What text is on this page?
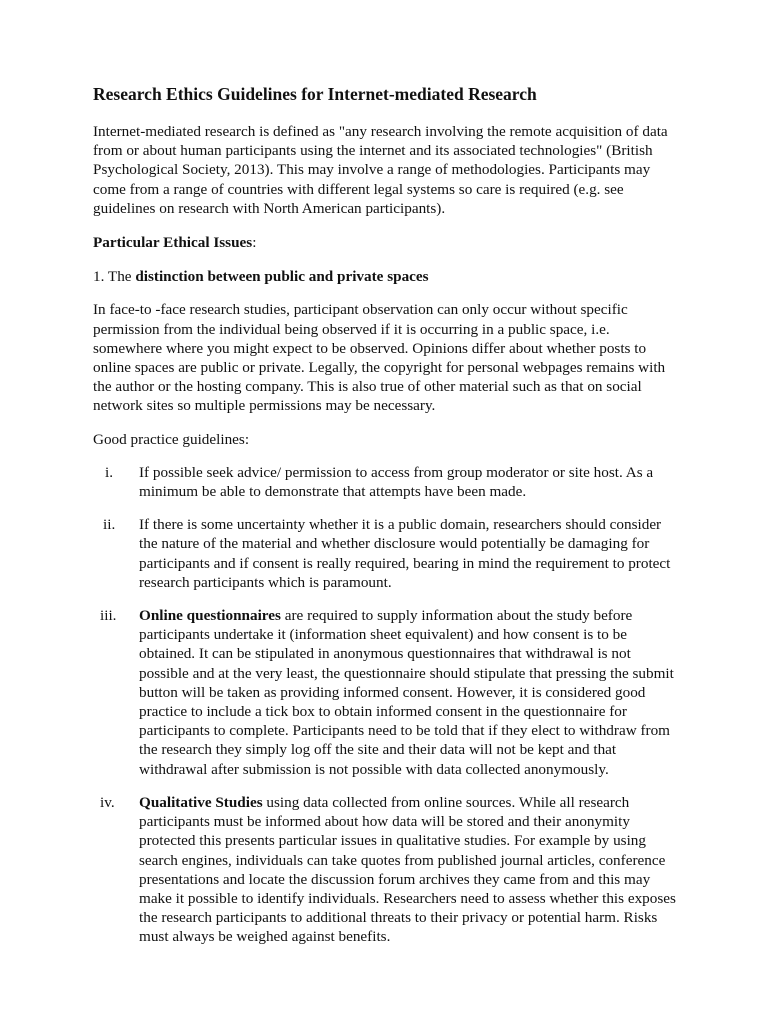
Research Ethics Guidelines for Internet-mediated Research

Internet-mediated research is defined as "any research involving the remote acquisition of data from or about human participants using the internet and its associated technologies" (British Psychological Society, 2013). This may involve a range of methodologies. Participants may come from a range of countries with different legal systems so care is required (e.g. see guidelines on research with North American participants).

Particular Ethical Issues:

1. The distinction between public and private spaces

In face-to -face research studies, participant observation can only occur without specific permission from the individual being observed if it is occurring in a public space, i.e. somewhere where you might expect to be observed. Opinions differ about whether posts to online spaces are public or private. Legally, the copyright for personal webpages remains with the author or the hosting company. This is also true of other material such as that on social network sites so multiple permissions may be necessary.

Good practice guidelines:

i.	If possible seek advice/ permission to access from group moderator or site host. As a minimum be able to demonstrate that attempts have been made.
ii.	If there is some uncertainty whether it is a public domain, researchers should consider the nature of the material and whether disclosure would potentially be damaging for participants and if consent is really required, bearing in mind the requirement to protect research participants which is paramount.
iii.	Online questionnaires are required to supply information about the study before participants undertake it (information sheet equivalent) and how consent is to be obtained. It can be stipulated in anonymous questionnaires that withdrawal is not possible and at the very least, the questionnaire should stipulate that pressing the submit button will be taken as providing informed consent. However, it is considered good practice to include a tick box to obtain informed consent in the questionnaire for participants to complete. Participants need to be told that if they elect to withdraw from the research they simply log off the site and their data will not be kept and that withdrawal after submission is not possible with data collected anonymously.
iv.	Qualitative Studies using data collected from online sources. While all research participants must be informed about how data will be stored and their anonymity protected this presents particular issues in qualitative studies. For example by using search engines, individuals can take quotes from published journal articles, conference presentations and locate the discussion forum archives they came from and this may make it possible to identify individuals. Researchers need to assess whether this exposes the research participants to additional threats to their privacy or potential harm. Risks must always be weighed against benefits.
